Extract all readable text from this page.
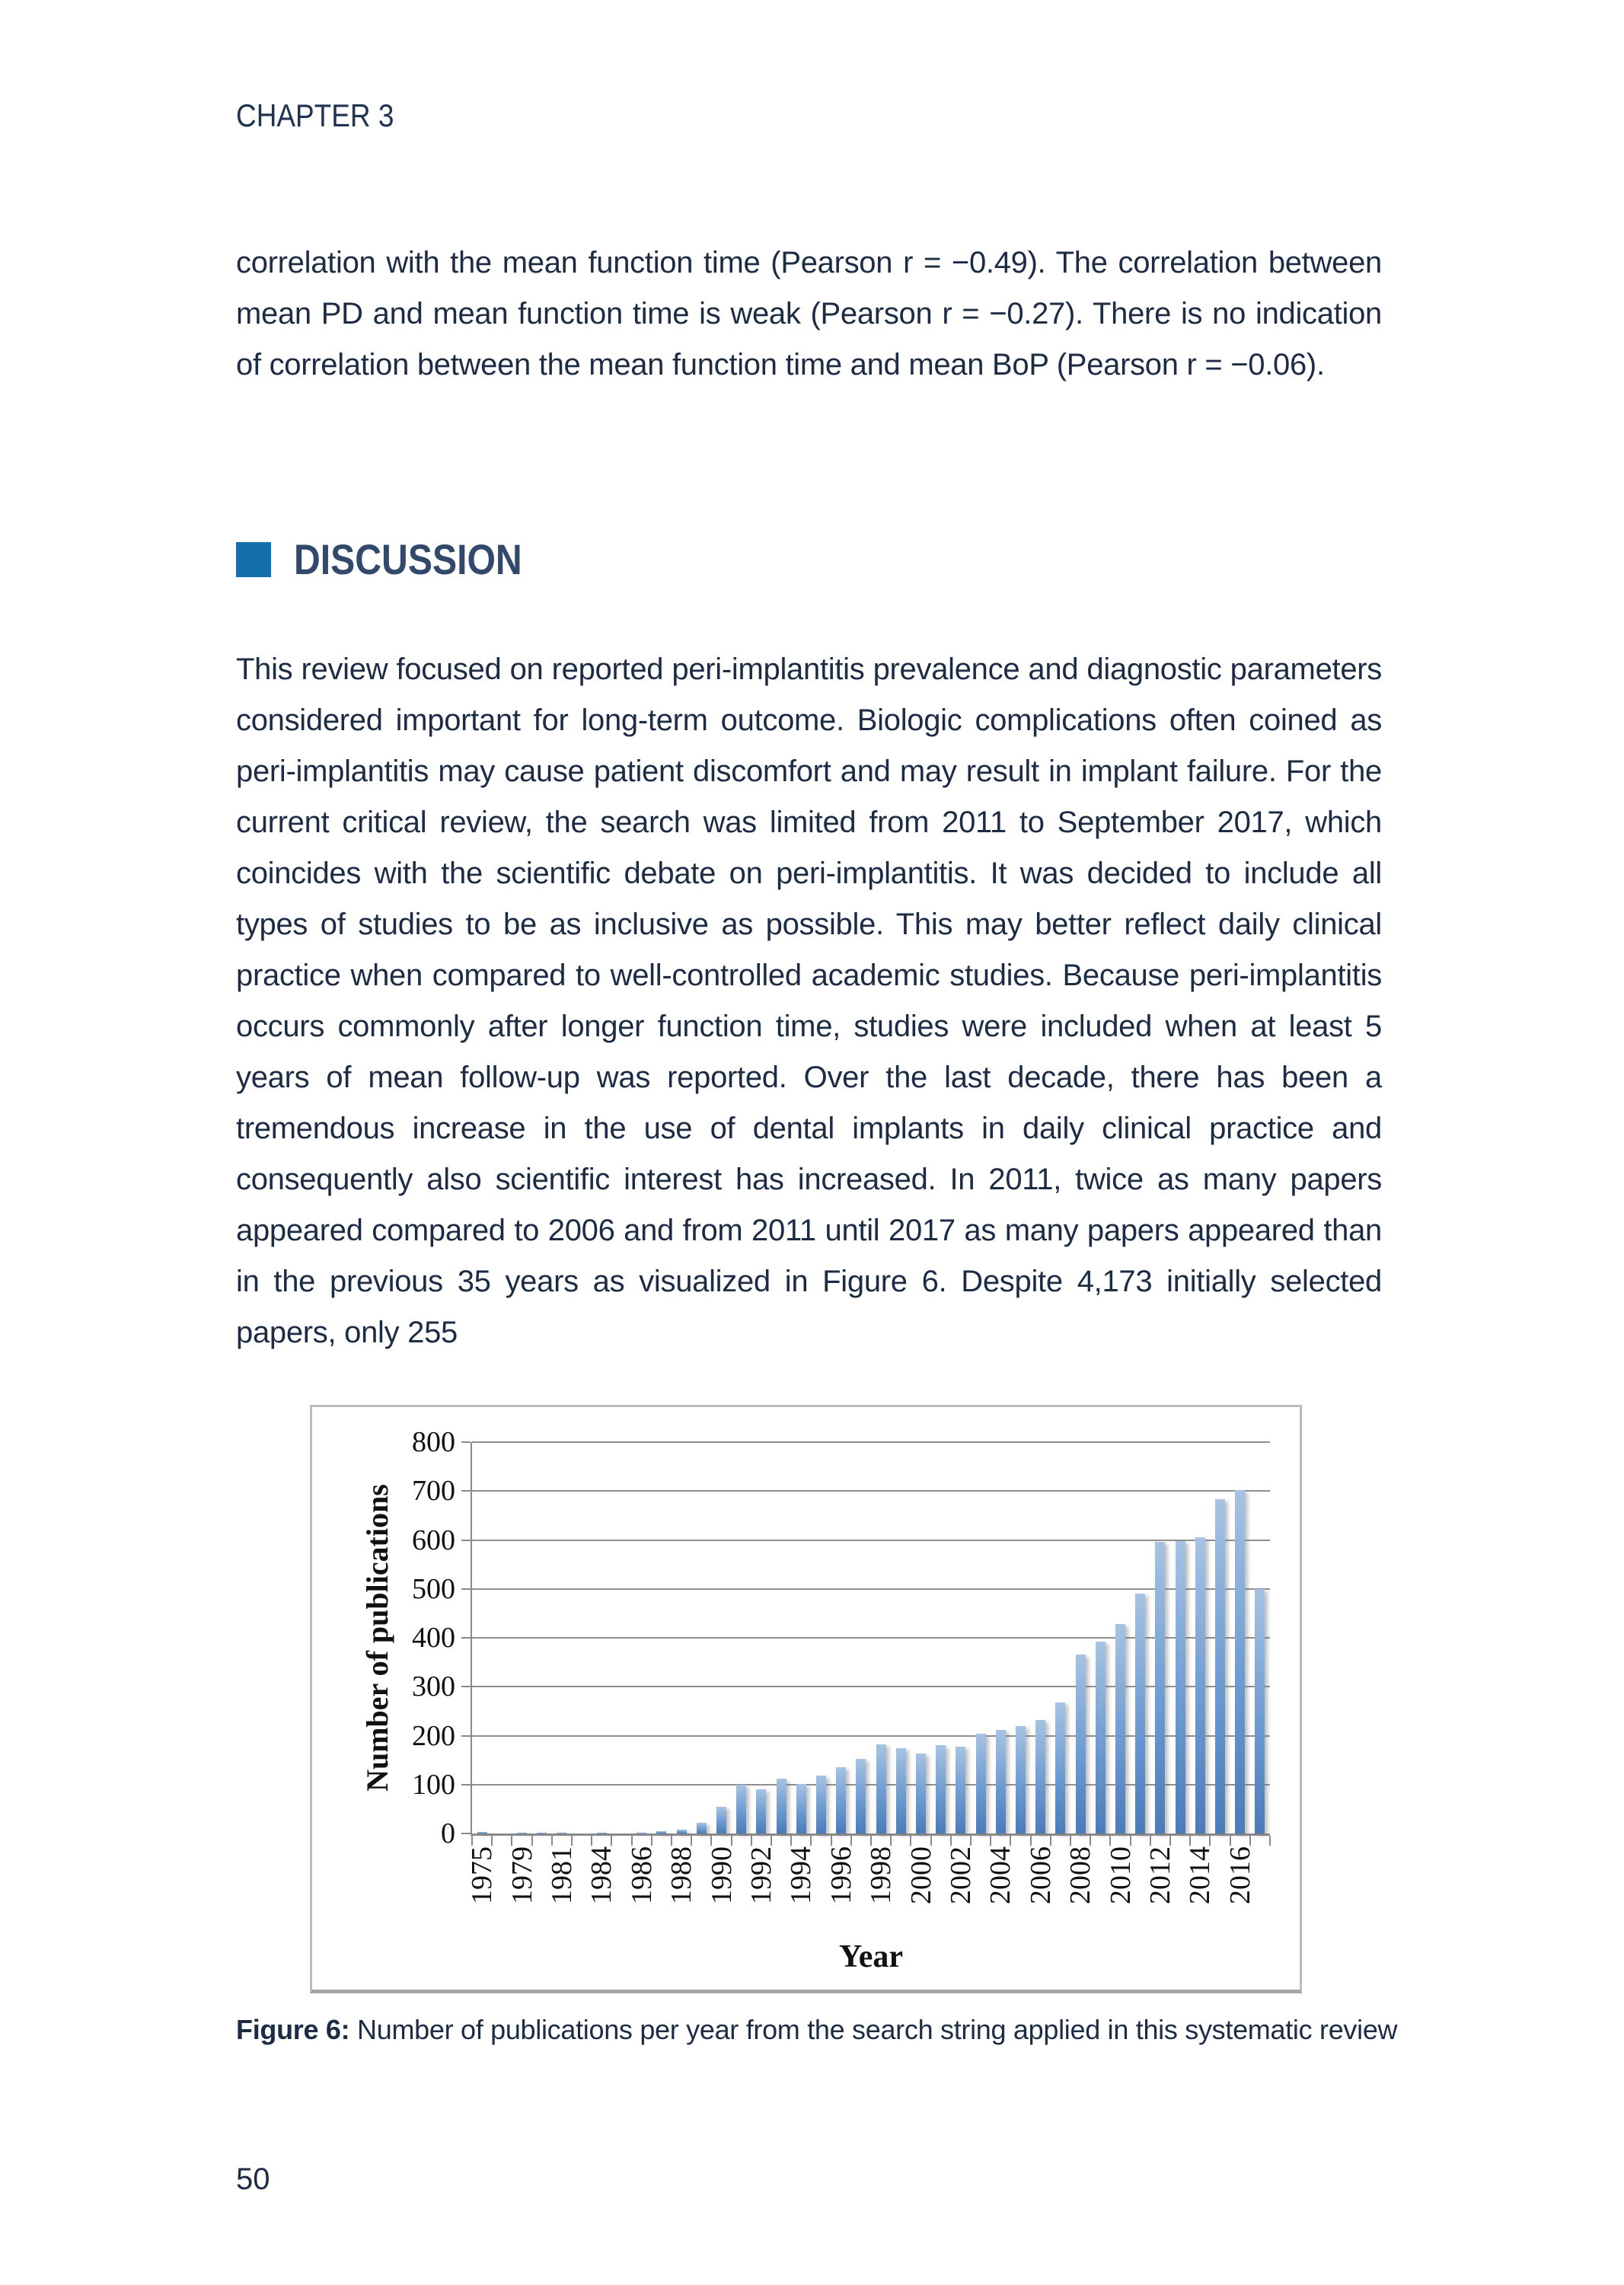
CHAPTER 3

correlation with the mean function time (Pearson r = −0.49). The correlation between mean PD and mean function time is weak (Pearson r = −0.27). There is no indication of correlation between the mean function time and mean BoP (Pearson r = −0.06).

DISCUSSION

This review focused on reported peri-implantitis prevalence and diagnostic parameters considered important for long-term outcome. Biologic complications often coined as peri-implantitis may cause patient discomfort and may result in implant failure. For the current critical review, the search was limited from 2011 to September 2017, which coincides with the scientific debate on peri-implantitis. It was decided to include all types of studies to be as inclusive as possible. This may better reflect daily clinical practice when compared to well-controlled academic studies. Because peri-implantitis occurs commonly after longer function time, studies were included when at least 5 years of mean follow-up was reported. Over the last decade, there has been a tremendous increase in the use of dental implants in daily clinical practice and consequently also scientific interest has increased. In 2011, twice as many papers appeared compared to 2006 and from 2011 until 2017 as many papers appeared than in the previous 35 years as visualized in Figure 6. Despite 4,173 initially selected papers, only 255

Number of publications
0
100
200
300
400
500
600
700
800
1975 1979 1981 1984 1986 1988 1990 1992 1994 1996 1998 2000 2002 2004 2006 2008 2010 2012 2014 2016
Year

Figure 6: Number of publications per year from the search string applied in this systematic review

50
